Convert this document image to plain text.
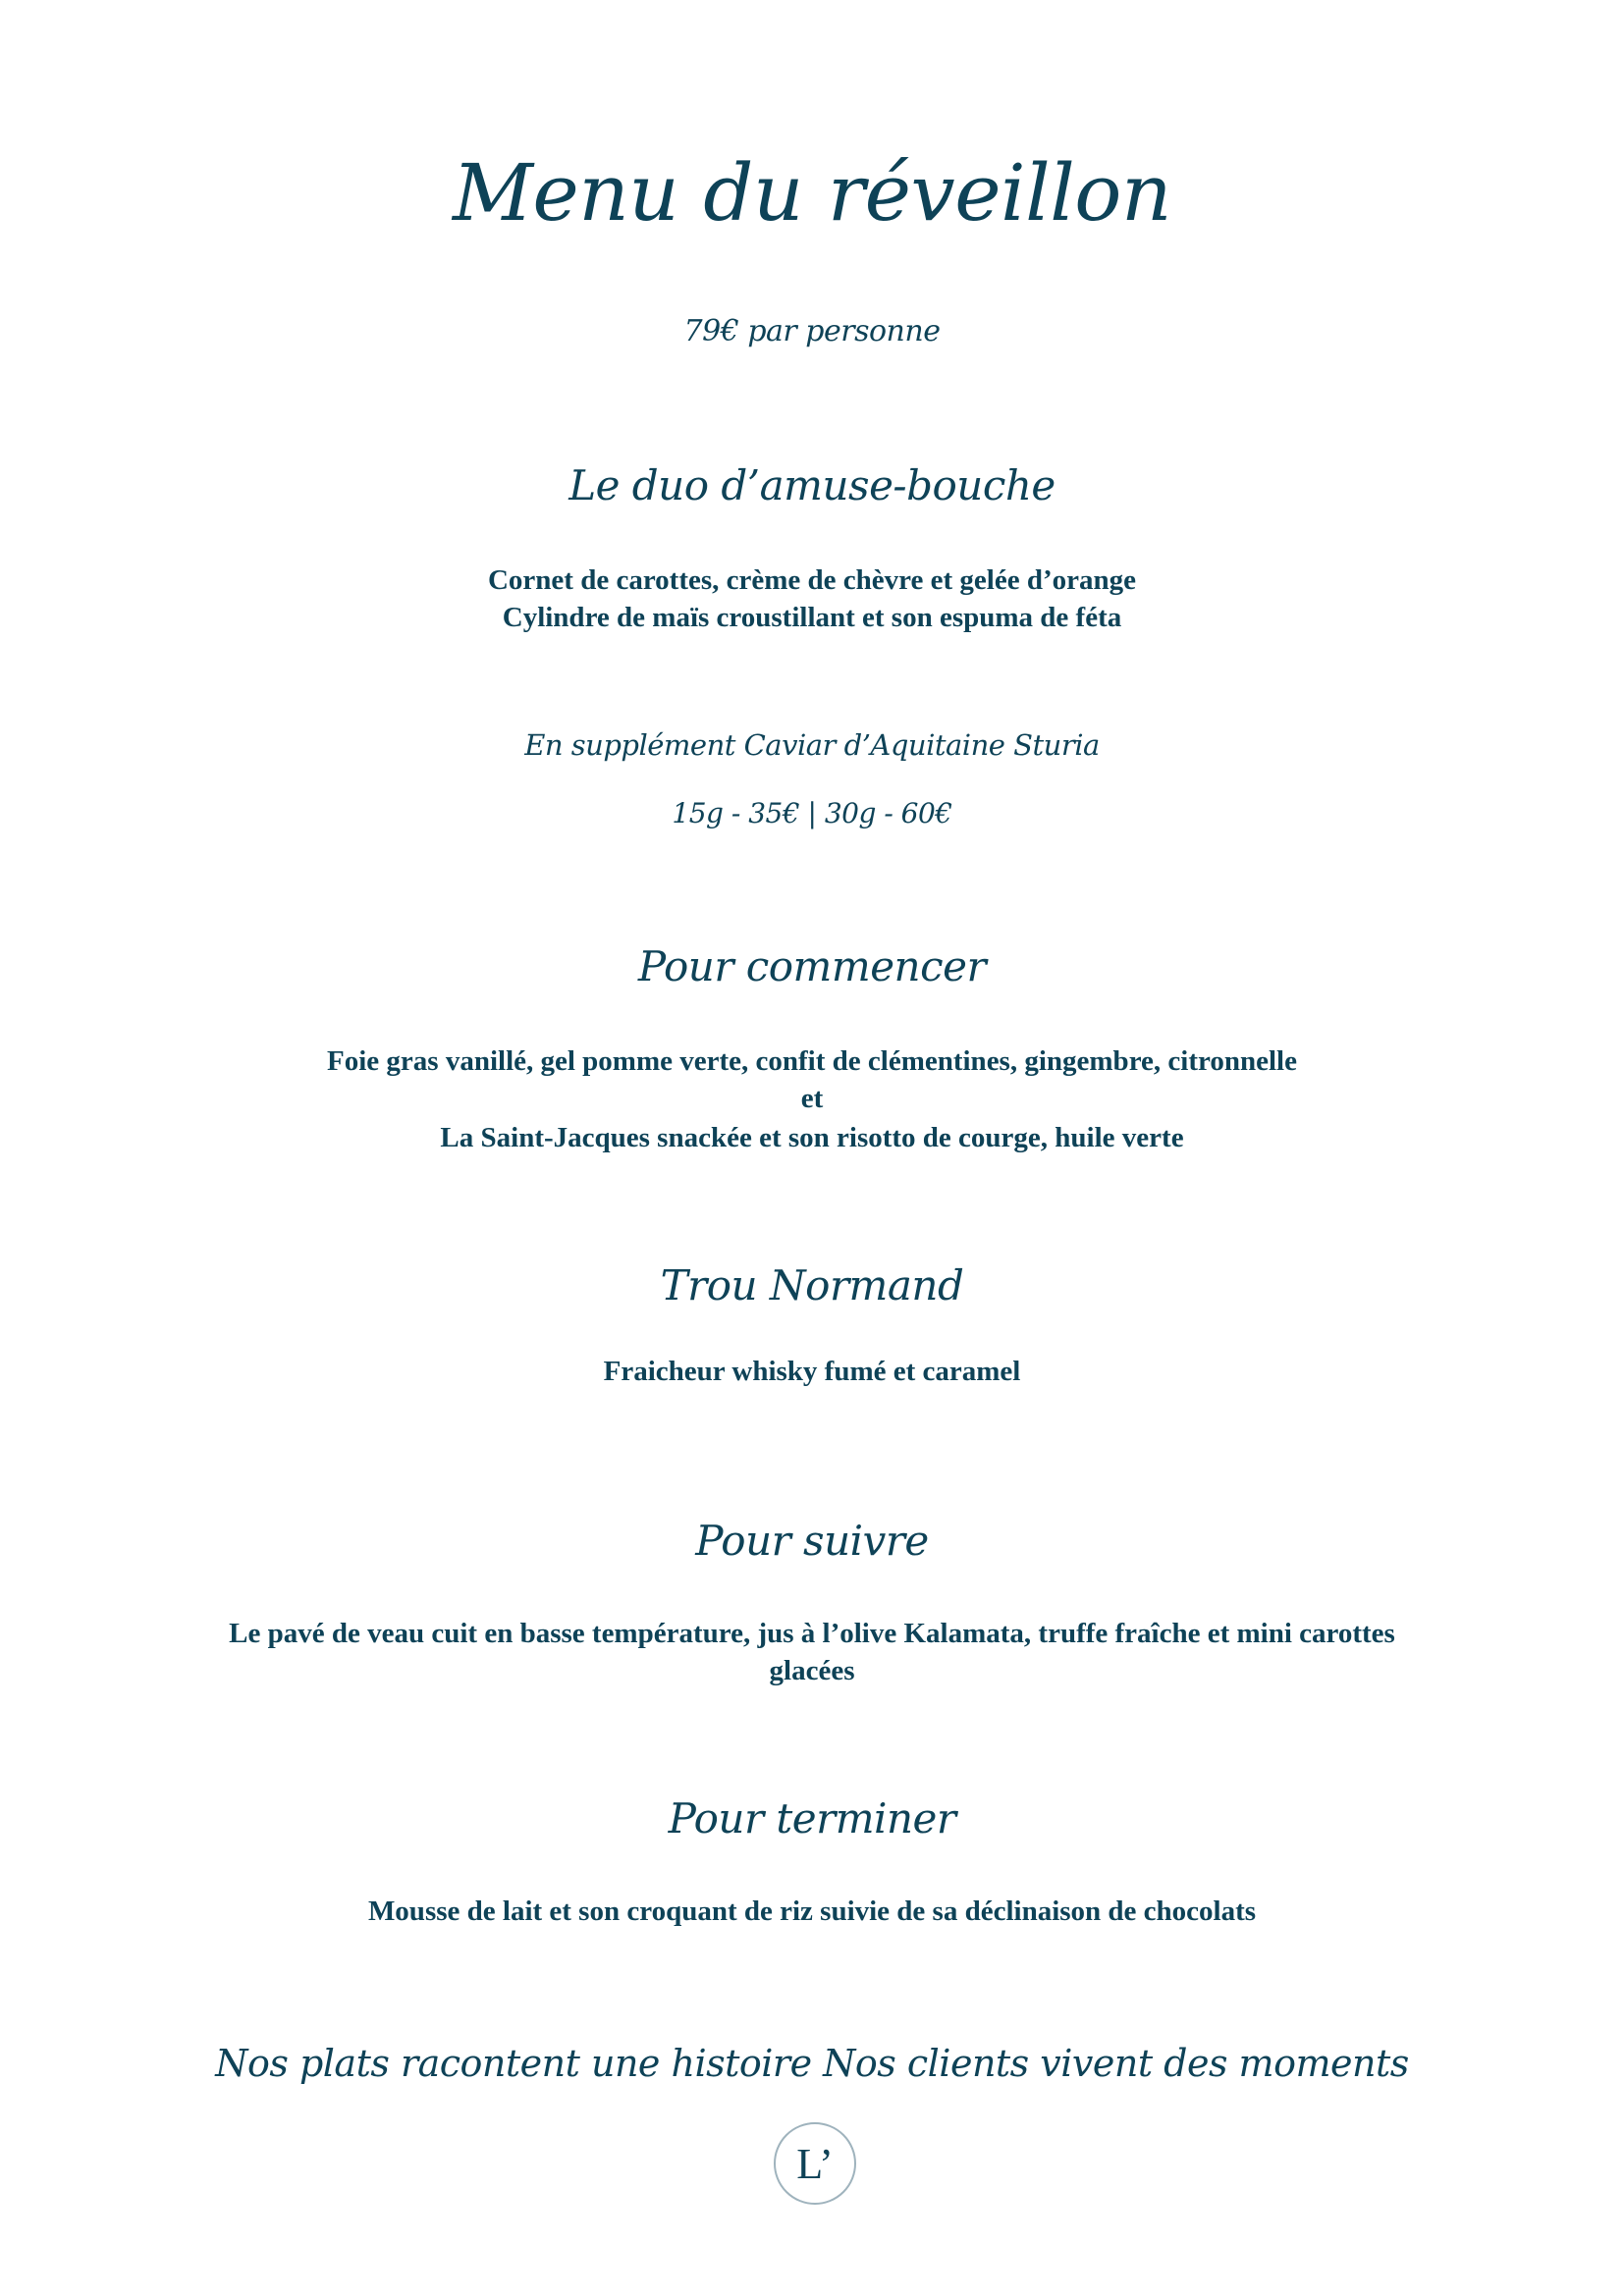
Menu du réveillon
79€ par personne
Le duo d’amuse-bouche
Cornet de carottes, crème de chèvre et gelée d’orange
Cylindre de maïs croustillant et son espuma de féta
En supplément Caviar d’Aquitaine Sturia
15g - 35€ | 30g - 60€
Pour commencer
Foie gras vanillé, gel pomme verte, confit de clémentines, gingembre, citronnelle
et
La Saint-Jacques snackée et son risotto de courge, huile verte
Trou Normand
Fraicheur whisky fumé et caramel
Pour suivre
Le pavé de veau cuit en basse température, jus à l’olive Kalamata, truffe fraîche et mini carottes
glacées
Pour terminer
Mousse de lait et son croquant de riz suivie de sa déclinaison de chocolats
Nos plats racontent une histoire Nos clients vivent des moments
L’
